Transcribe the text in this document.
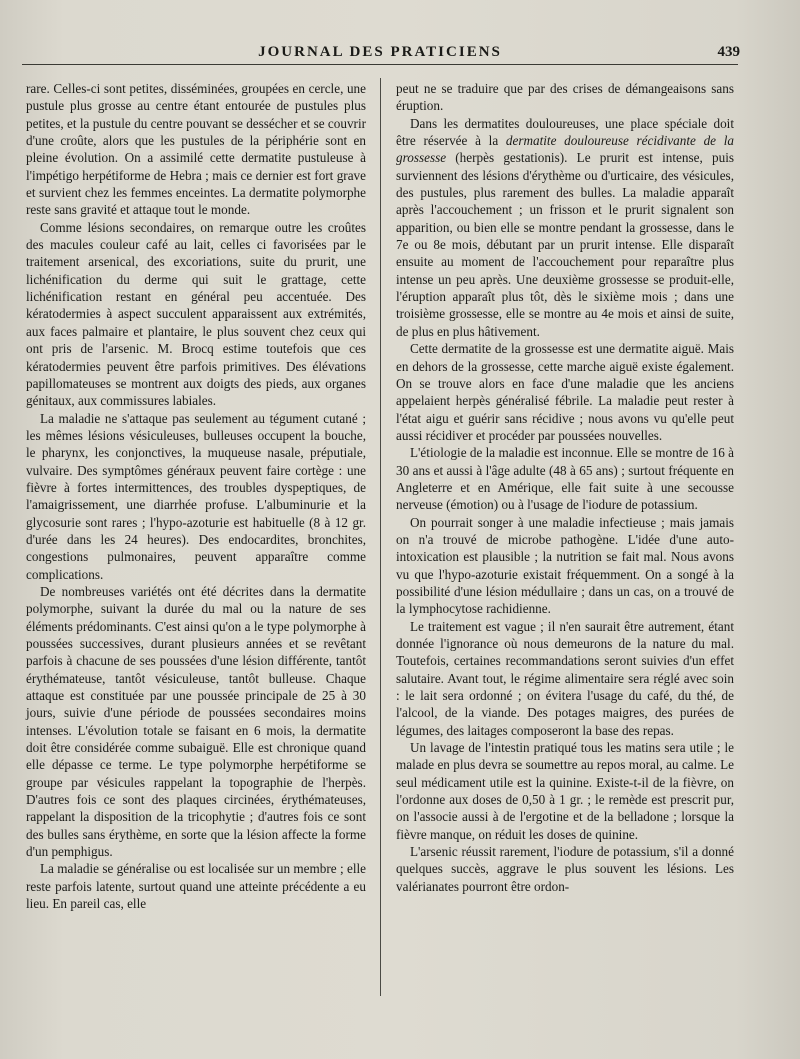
JOURNAL DES PRATICIENS	439

rare. Celles-ci sont petites, disséminées, groupées en cercle, une pustule plus grosse au centre étant entourée de pustules plus petites, et la pustule du centre pouvant se dessécher et se couvrir d'une croûte, alors que les pustules de la périphérie sont en pleine évolution. On a assimilé cette dermatite pustuleuse à l'impétigo herpétiforme de Hebra ; mais ce dernier est fort grave et survient chez les femmes enceintes. La dermatite polymorphe reste sans gravité et attaque tout le monde.

Comme lésions secondaires, on remarque outre les croûtes des macules couleur café au lait, celles ci favorisées par le traitement arsenical, des excoriations, suite du prurit, une lichénification du derme qui suit le grattage, cette lichénification restant en général peu accentuée. Des kératodermies à aspect succulent apparaissent aux extrémités, aux faces palmaire et plantaire, le plus souvent chez ceux qui ont pris de l'arsenic. M. Brocq estime toutefois que ces kératodermies peuvent être parfois primitives. Des élévations papillomateuses se montrent aux doigts des pieds, aux organes génitaux, aux commissures labiales.

La maladie ne s'attaque pas seulement au tégument cutané ; les mêmes lésions vésiculeuses, bulleuses occupent la bouche, le pharynx, les conjonctives, la muqueuse nasale, préputiale, vulvaire. Des symptômes généraux peuvent faire cortège : une fièvre à fortes intermittences, des troubles dyspeptiques, de l'amaigrissement, une diarrhée profuse. L'albuminurie et la glycosurie sont rares ; l'hypo-azoturie est habituelle (8 à 12 gr. d'urée dans les 24 heures). Des endocardites, bronchites, congestions pulmonaires, peuvent apparaître comme complications.

De nombreuses variétés ont été décrites dans la dermatite polymorphe, suivant la durée du mal ou la nature de ses éléments prédominants. C'est ainsi qu'on a le type polymorphe à poussées successives, durant plusieurs années et se revêtant parfois à chacune de ses poussées d'une lésion différente, tantôt érythémateuse, tantôt vésiculeuse, tantôt bulleuse. Chaque attaque est constituée par une poussée principale de 25 à 30 jours, suivie d'une période de poussées secondaires moins intenses. L'évolution totale se faisant en 6 mois, la dermatite doit être considérée comme subaiguë. Elle est chronique quand elle dépasse ce terme. Le type polymorphe herpétiforme se groupe par vésicules rappelant la topographie de l'herpès. D'autres fois ce sont des plaques circinées, érythémateuses, rappelant la disposition de la tricophytie ; d'autres fois ce sont des bulles sans érythème, en sorte que la lésion affecte la forme d'un pemphigus.

La maladie se généralise ou est localisée sur un membre ; elle reste parfois latente, surtout quand une atteinte précédente a eu lieu. En pareil cas, elle

peut ne se traduire que par des crises de démangeaisons sans éruption.

Dans les dermatites douloureuses, une place spéciale doit être réservée à la dermatite douloureuse récidivante de la grossesse (herpès gestationis). Le prurit est intense, puis surviennent des lésions d'érythème ou d'urticaire, des vésicules, des pustules, plus rarement des bulles. La maladie apparaît après l'accouchement ; un frisson et le prurit signalent son apparition, ou bien elle se montre pendant la grossesse, dans le 7e ou 8e mois, débutant par un prurit intense. Elle disparaît ensuite au moment de l'accouchement pour reparaître plus intense un peu après. Une deuxième grossesse se produit-elle, l'éruption apparaît plus tôt, dès le sixième mois ; dans une troisième grossesse, elle se montre au 4e mois et ainsi de suite, de plus en plus hâtivement.

Cette dermatite de la grossesse est une dermatite aiguë. Mais en dehors de la grossesse, cette marche aiguë existe également. On se trouve alors en face d'une maladie que les anciens appelaient herpès généralisé fébrile. La maladie peut rester à l'état aigu et guérir sans récidive ; nous avons vu qu'elle peut aussi récidiver et procéder par poussées nouvelles.

L'étiologie de la maladie est inconnue. Elle se montre de 16 à 30 ans et aussi à l'âge adulte (48 à 65 ans) ; surtout fréquente en Angleterre et en Amérique, elle fait suite à une secousse nerveuse (émotion) ou à l'usage de l'iodure de potassium.

On pourrait songer à une maladie infectieuse ; mais jamais on n'a trouvé de microbe pathogène. L'idée d'une auto-intoxication est plausible ; la nutrition se fait mal. Nous avons vu que l'hypo-azoturie existait fréquemment. On a songé à la possibilité d'une lésion médullaire ; dans un cas, on a trouvé de la lymphocytose rachidienne.

Le traitement est vague ; il n'en saurait être autrement, étant donnée l'ignorance où nous demeurons de la nature du mal. Toutefois, certaines recommandations seront suivies d'un effet salutaire. Avant tout, le régime alimentaire sera réglé avec soin : le lait sera ordonné ; on évitera l'usage du café, du thé, de l'alcool, de la viande. Des potages maigres, des purées de légumes, des laitages composeront la base des repas.

Un lavage de l'intestin pratiqué tous les matins sera utile ; le malade en plus devra se soumettre au repos moral, au calme. Le seul médicament utile est la quinine. Existe-t-il de la fièvre, on l'ordonne aux doses de 0,50 à 1 gr. ; le remède est prescrit pur, on l'associe aussi à de l'ergotine et de la belladone ; lorsque la fièvre manque, on réduit les doses de quinine.

L'arsenic réussit rarement, l'iodure de potassium, s'il a donné quelques succès, aggrave le plus souvent les lésions. Les valérianates pourront être ordon-
